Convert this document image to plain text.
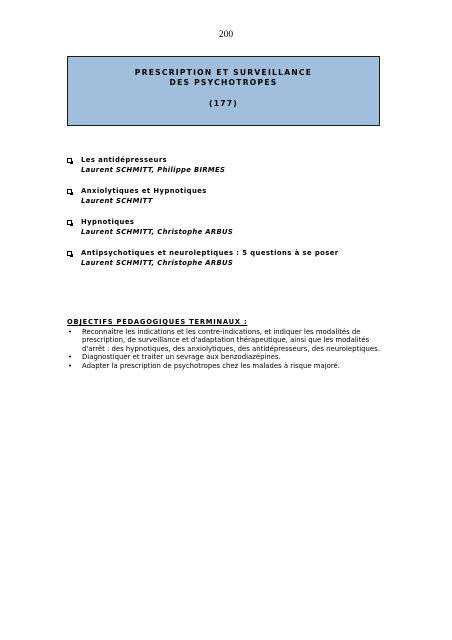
200
PRESCRIPTION ET SURVEILLANCE
DES PSYCHOTROPES
(177)
Les antidépresseurs
Laurent SCHMITT, Philippe BIRMES
Anxiolytiques et Hypnotiques
Laurent SCHMITT
Hypnotiques
Laurent SCHMITT, Christophe ARBUS
Antipsychotiques et neuroleptiques : 5 questions à se poser
Laurent SCHMITT, Christophe ARBUS
OBJECTIFS PEDAGOGIQUES TERMINAUX :
• Reconnaître les indications et les contre-indications, et indiquer les modalités de prescription, de surveillance et d'adaptation thérapeutique, ainsi que les modalités d'arrêt : des hypnotiques, des anxiolytiques, des antidépresseurs, des neuroleptiques.
• Diagnostiquer et traiter un sevrage aux benzodiazépines.
• Adapter la prescription de psychotropes chez les malades à risque majoré.
